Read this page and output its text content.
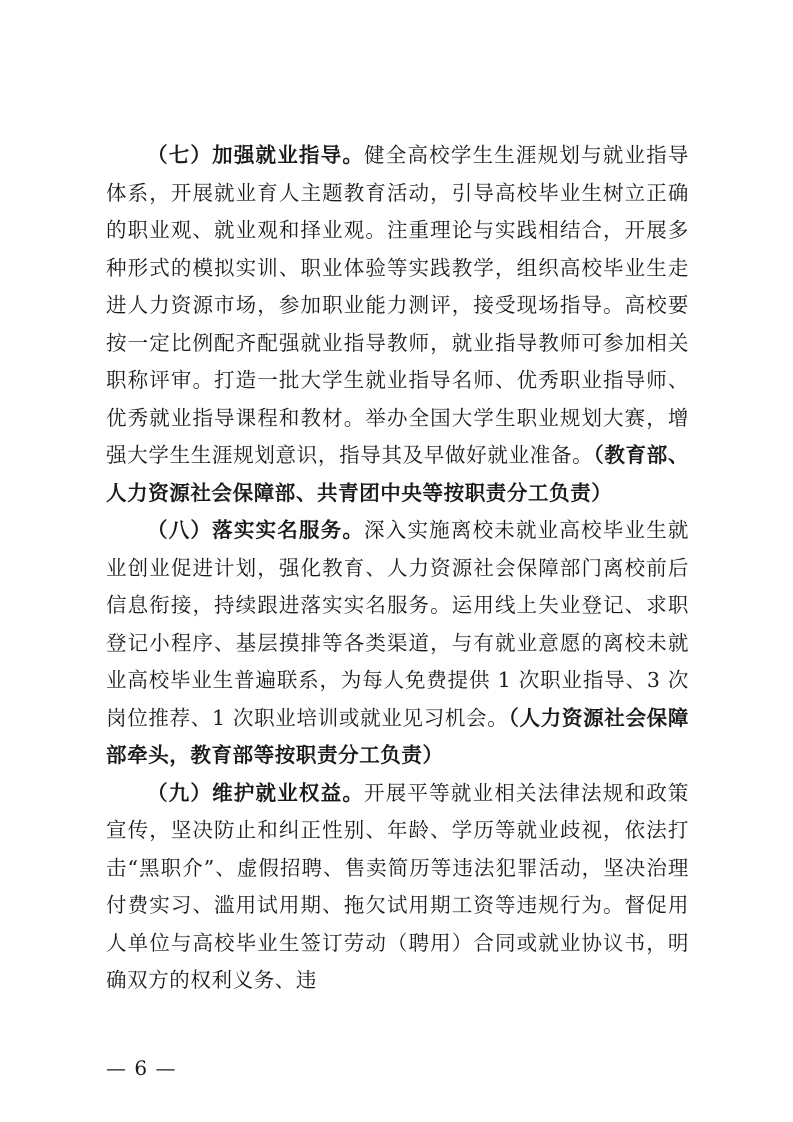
（七）加强就业指导。健全高校学生生涯规划与就业指导体系，开展就业育人主题教育活动，引导高校毕业生树立正确的职业观、就业观和择业观。注重理论与实践相结合，开展多种形式的模拟实训、职业体验等实践教学，组织高校毕业生走进人力资源市场，参加职业能力测评，接受现场指导。高校要按一定比例配齐配强就业指导教师，就业指导教师可参加相关职称评审。打造一批大学生就业指导名师、优秀职业指导师、优秀就业指导课程和教材。举办全国大学生职业规划大赛，增强大学生生涯规划意识，指导其及早做好就业准备。（教育部、人力资源社会保障部、共青团中央等按职责分工负责）

（八）落实实名服务。深入实施离校未就业高校毕业生就业创业促进计划，强化教育、人力资源社会保障部门离校前后信息衔接，持续跟进落实实名服务。运用线上失业登记、求职登记小程序、基层摸排等各类渠道，与有就业意愿的离校未就业高校毕业生普遍联系，为每人免费提供 1 次职业指导、3 次岗位推荐、1 次职业培训或就业见习机会。（人力资源社会保障部牵头，教育部等按职责分工负责）

（九）维护就业权益。开展平等就业相关法律法规和政策宣传，坚决防止和纠正性别、年龄、学历等就业歧视，依法打击“黑职介”、虚假招聘、售卖简历等违法犯罪活动，坚决治理付费实习、滥用试用期、拖欠试用期工资等违规行为。督促用人单位与高校毕业生签订劳动（聘用）合同或就业协议书，明确双方的权利义务、违

— 6 —
